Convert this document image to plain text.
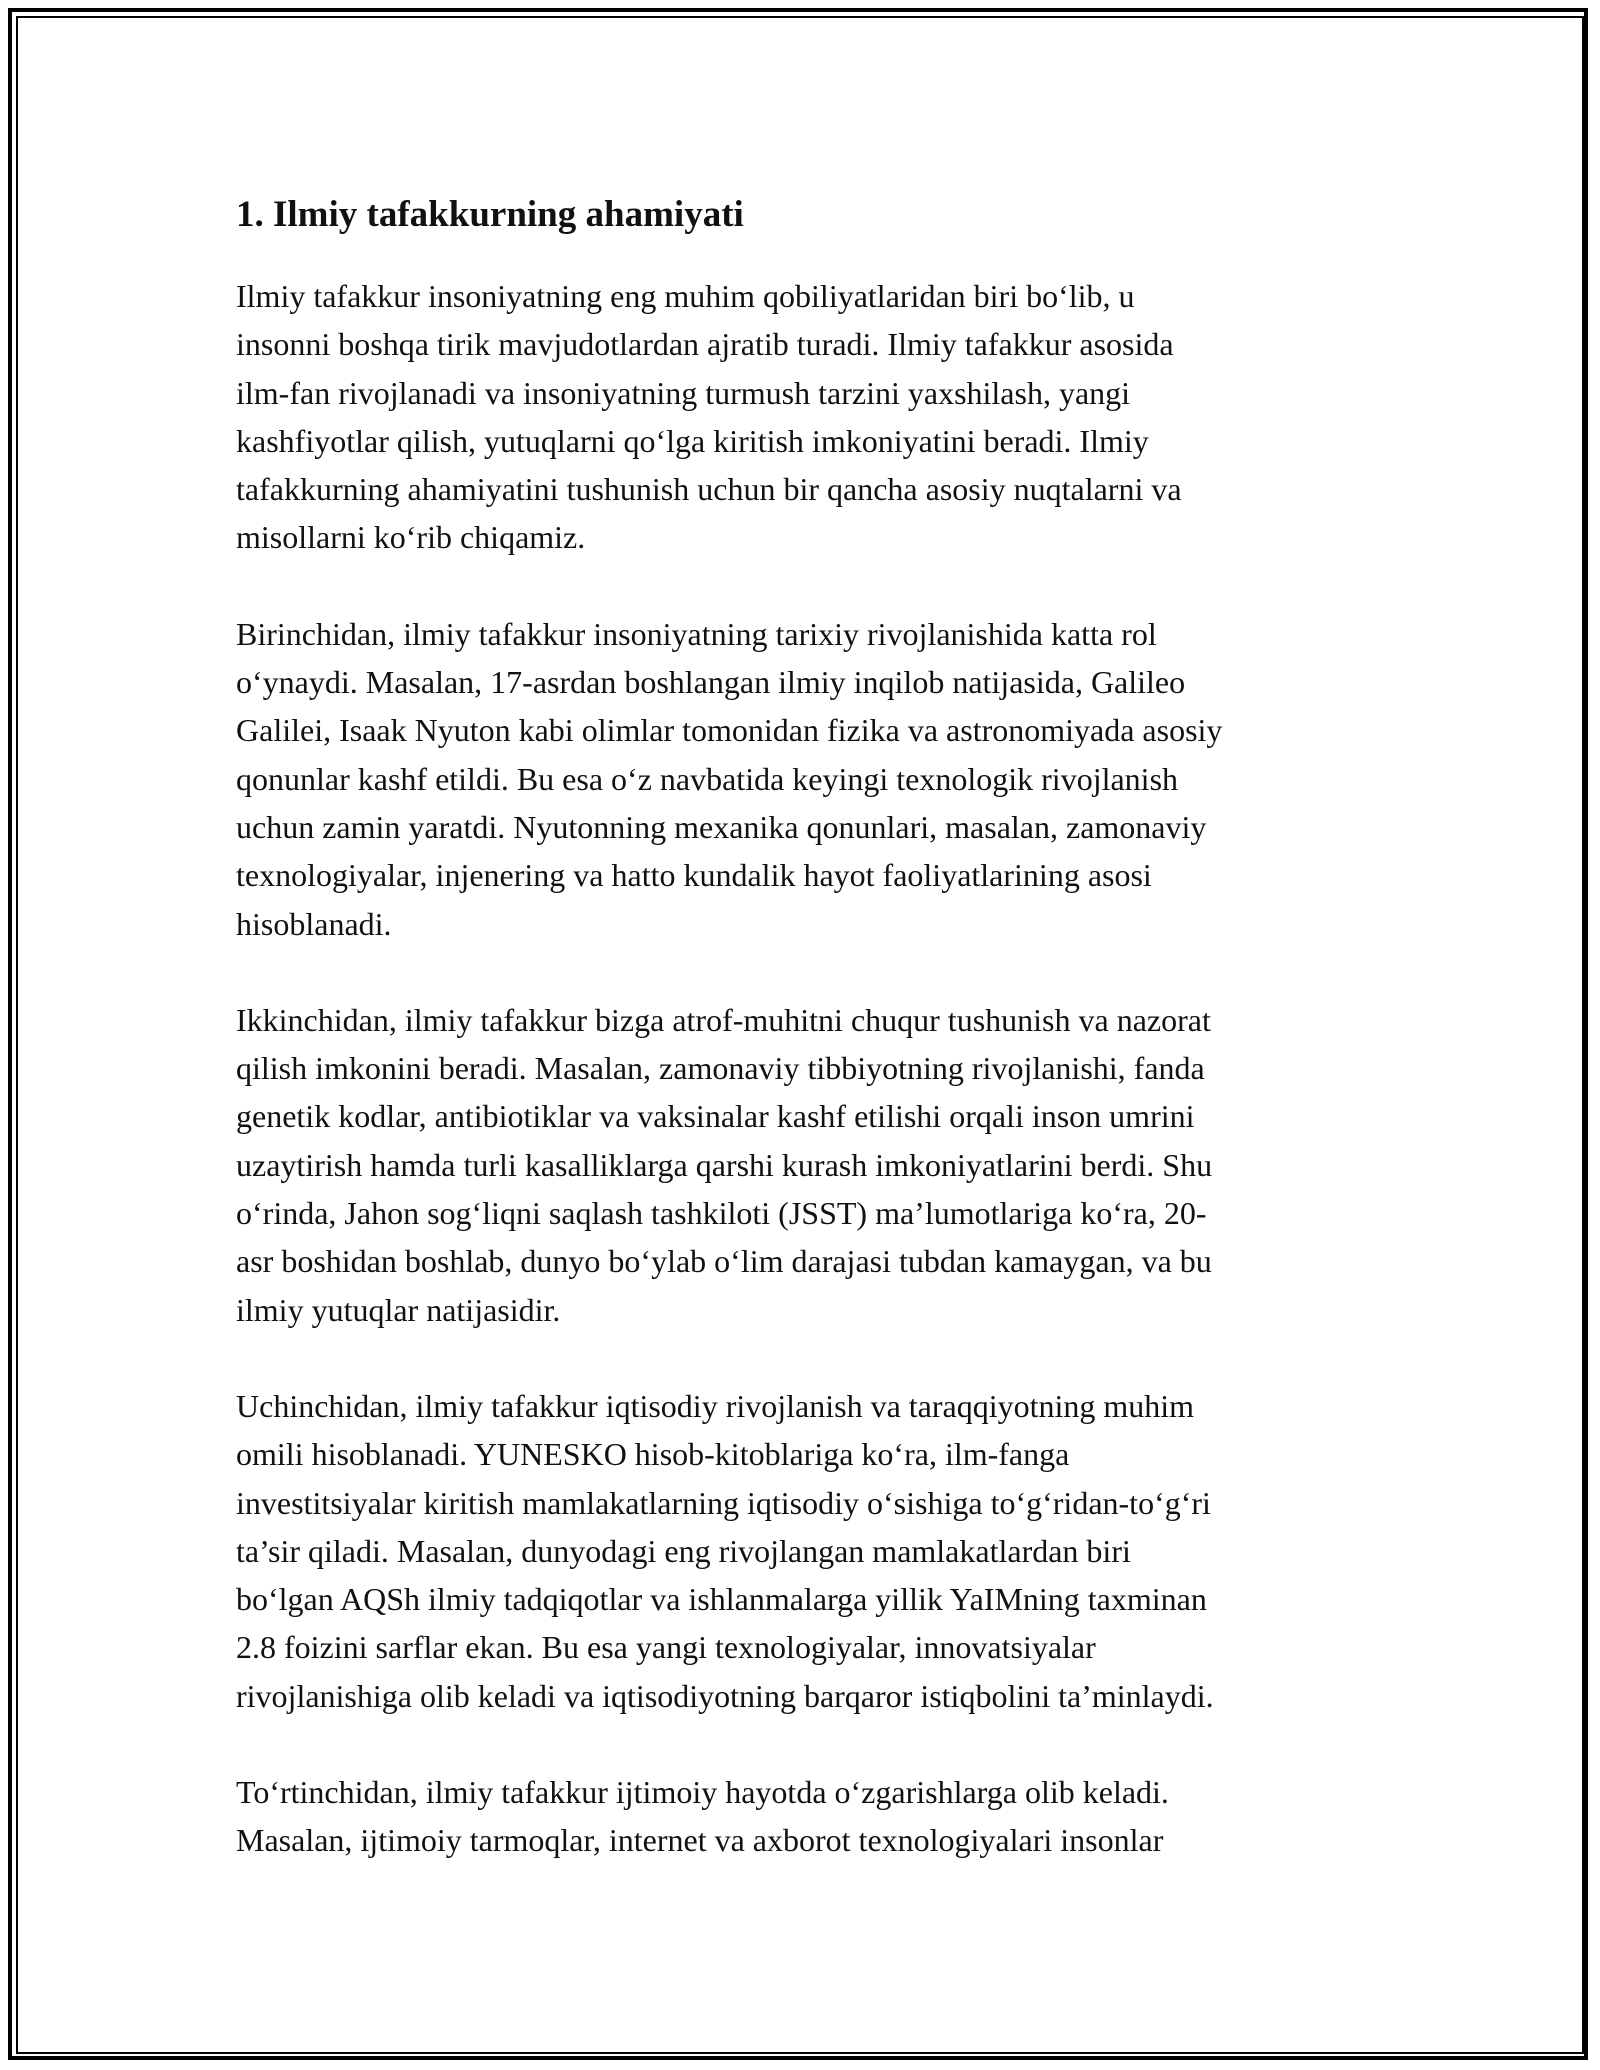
1. Ilmiy tafakkurning ahamiyati

Ilmiy tafakkur insoniyatning eng muhim qobiliyatlaridan biri bo‘lib, u
insonni boshqa tirik mavjudotlardan ajratib turadi. Ilmiy tafakkur asosida
ilm-fan rivojlanadi va insoniyatning turmush tarzini yaxshilash, yangi
kashfiyotlar qilish, yutuqlarni qo‘lga kiritish imkoniyatini beradi. Ilmiy
tafakkurning ahamiyatini tushunish uchun bir qancha asosiy nuqtalarni va
misollarni ko‘rib chiqamiz.

Birinchidan, ilmiy tafakkur insoniyatning tarixiy rivojlanishida katta rol
o‘ynaydi. Masalan, 17-asrdan boshlangan ilmiy inqilob natijasida, Galileo
Galilei, Isaak Nyuton kabi olimlar tomonidan fizika va astronomiyada asosiy
qonunlar kashf etildi. Bu esa o‘z navbatida keyingi texnologik rivojlanish
uchun zamin yaratdi. Nyutonning mexanika qonunlari, masalan, zamonaviy
texnologiyalar, injenering va hatto kundalik hayot faoliyatlarining asosi
hisoblanadi.

Ikkinchidan, ilmiy tafakkur bizga atrof-muhitni chuqur tushunish va nazorat
qilish imkonini beradi. Masalan, zamonaviy tibbiyotning rivojlanishi, fanda
genetik kodlar, antibiotiklar va vaksinalar kashf etilishi orqali inson umrini
uzaytirish hamda turli kasalliklarga qarshi kurash imkoniyatlarini berdi. Shu
o‘rinda, Jahon sog‘liqni saqlash tashkiloti (JSST) ma’lumotlariga ko‘ra, 20-
asr boshidan boshlab, dunyo bo‘ylab o‘lim darajasi tubdan kamaygan, va bu
ilmiy yutuqlar natijasidir.

Uchinchidan, ilmiy tafakkur iqtisodiy rivojlanish va taraqqiyotning muhim
omili hisoblanadi. YUNESKO hisob-kitoblariga ko‘ra, ilm-fanga
investitsiyalar kiritish mamlakatlarning iqtisodiy o‘sishiga to‘g‘ridan-to‘g‘ri
ta’sir qiladi. Masalan, dunyodagi eng rivojlangan mamlakatlardan biri
bo‘lgan AQSh ilmiy tadqiqotlar va ishlanmalarga yillik YaIMning taxminan
2.8 foizini sarflar ekan. Bu esa yangi texnologiyalar, innovatsiyalar
rivojlanishiga olib keladi va iqtisodiyotning barqaror istiqbolini ta’minlaydi.

To‘rtinchidan, ilmiy tafakkur ijtimoiy hayotda o‘zgarishlarga olib keladi.
Masalan, ijtimoiy tarmoqlar, internet va axborot texnologiyalari insonlar
